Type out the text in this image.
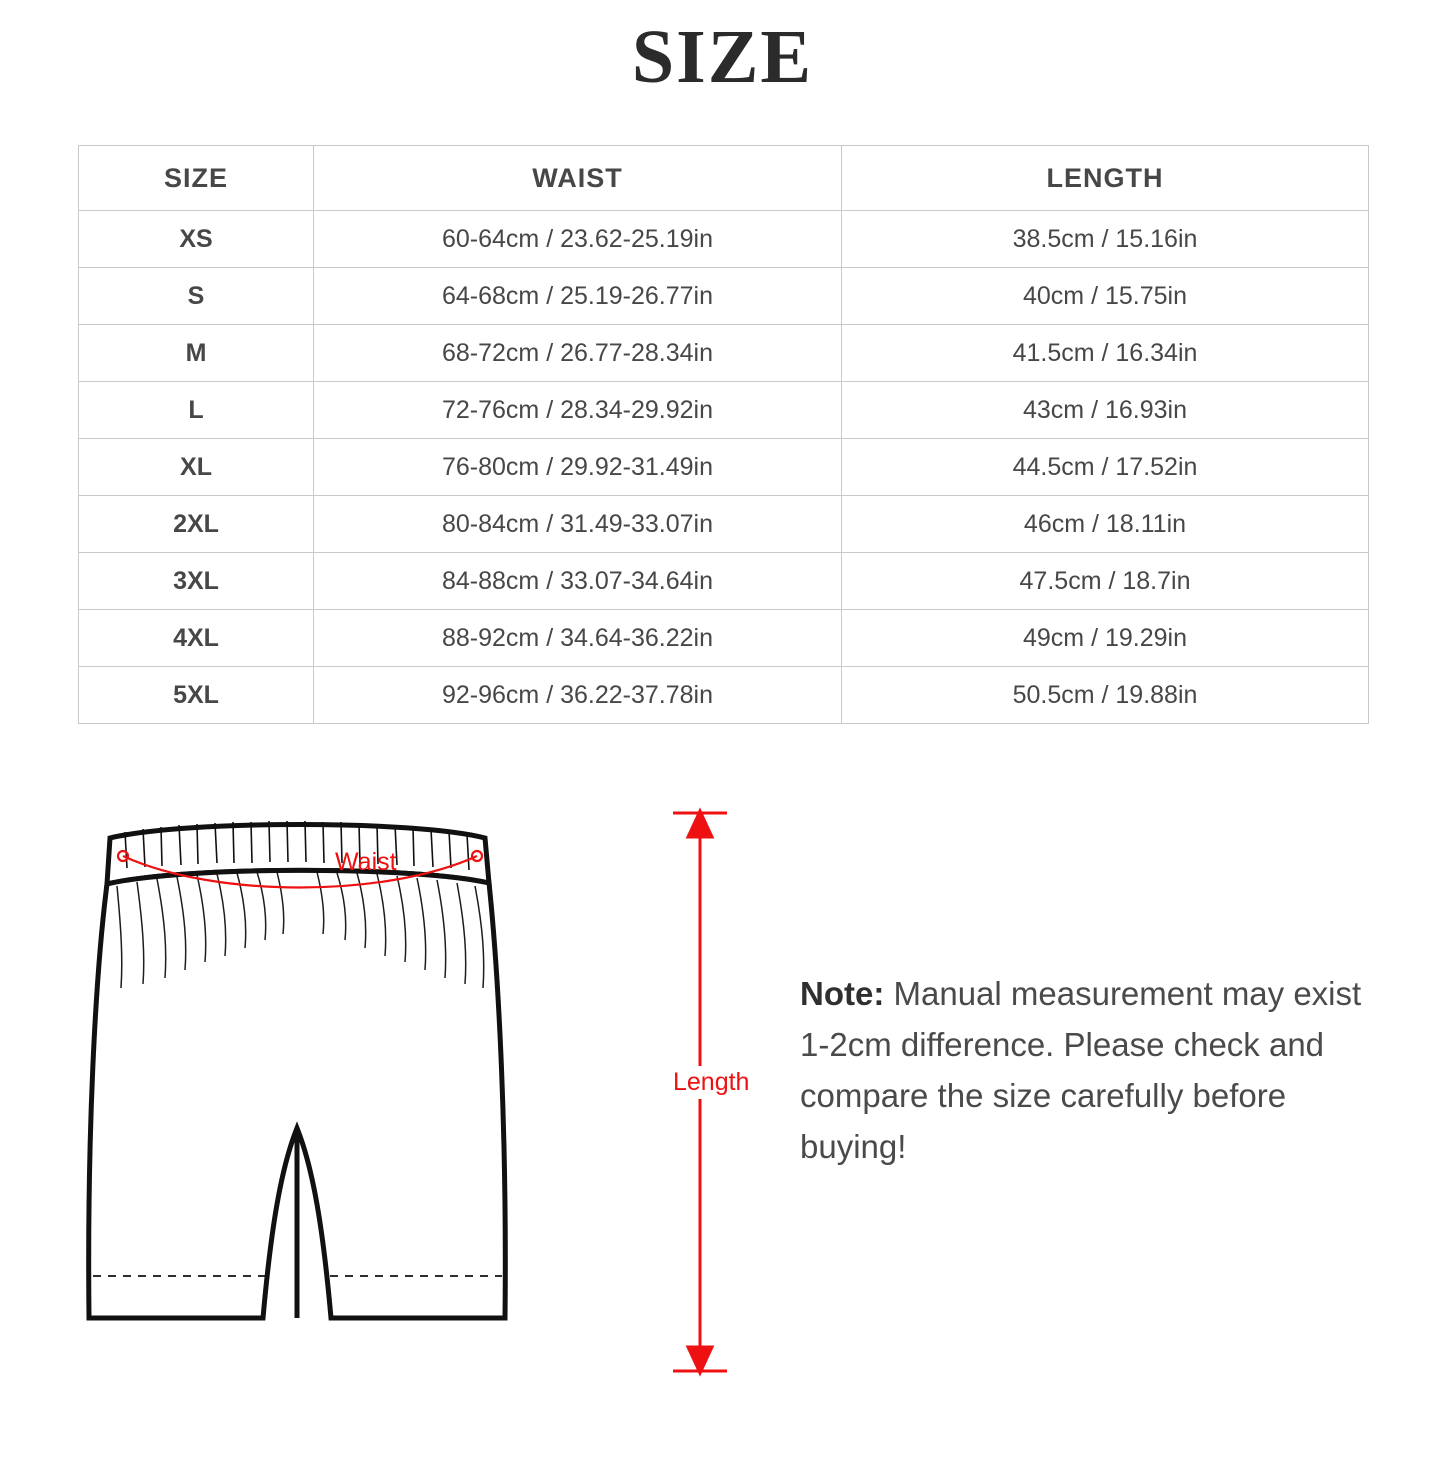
SIZE
SIZE	WAIST	LENGTH
XS	60-64cm / 23.62-25.19in	38.5cm / 15.16in
S	64-68cm / 25.19-26.77in	40cm / 15.75in
M	68-72cm / 26.77-28.34in	41.5cm / 16.34in
L	72-76cm / 28.34-29.92in	43cm / 16.93in
XL	76-80cm / 29.92-31.49in	44.5cm / 17.52in
2XL	80-84cm / 31.49-33.07in	46cm / 18.11in
3XL	84-88cm / 33.07-34.64in	47.5cm / 18.7in
4XL	88-92cm / 34.64-36.22in	49cm / 19.29in
5XL	92-96cm / 36.22-37.78in	50.5cm / 19.88in
Waist
Length
Note: Manual measurement may exist 1-2cm difference. Please check and compare the size carefully before buying!
